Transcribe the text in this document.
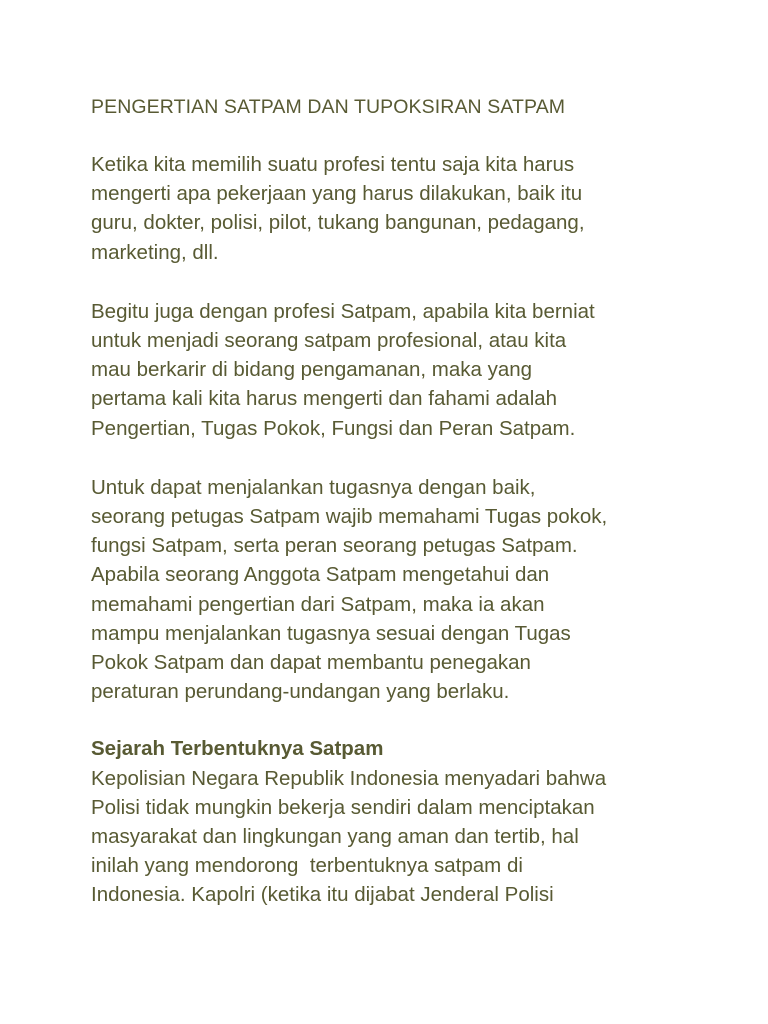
PENGERTIAN SATPAM DAN TUPOKSIRAN SATPAM
Ketika kita memilih suatu profesi tentu saja kita harus
mengerti apa pekerjaan yang harus dilakukan, baik itu
guru, dokter, polisi, pilot, tukang bangunan, pedagang,
marketing, dll.
Begitu juga dengan profesi Satpam, apabila kita berniat
untuk menjadi seorang satpam profesional, atau kita
mau berkarir di bidang pengamanan, maka yang
pertama kali kita harus mengerti dan fahami adalah
Pengertian, Tugas Pokok, Fungsi dan Peran Satpam.
Untuk dapat menjalankan tugasnya dengan baik,
seorang petugas Satpam wajib memahami Tugas pokok,
fungsi Satpam, serta peran seorang petugas Satpam.
Apabila seorang Anggota Satpam mengetahui dan
memahami pengertian dari Satpam, maka ia akan
mampu menjalankan tugasnya sesuai dengan Tugas
Pokok Satpam dan dapat membantu penegakan
peraturan perundang-undangan yang berlaku.
Sejarah Terbentuknya Satpam
Kepolisian Negara Republik Indonesia menyadari bahwa
Polisi tidak mungkin bekerja sendiri dalam menciptakan
masyarakat dan lingkungan yang aman dan tertib, hal
inilah yang mendorong  terbentuknya satpam di
Indonesia. Kapolri (ketika itu dijabat Jenderal Polisi
